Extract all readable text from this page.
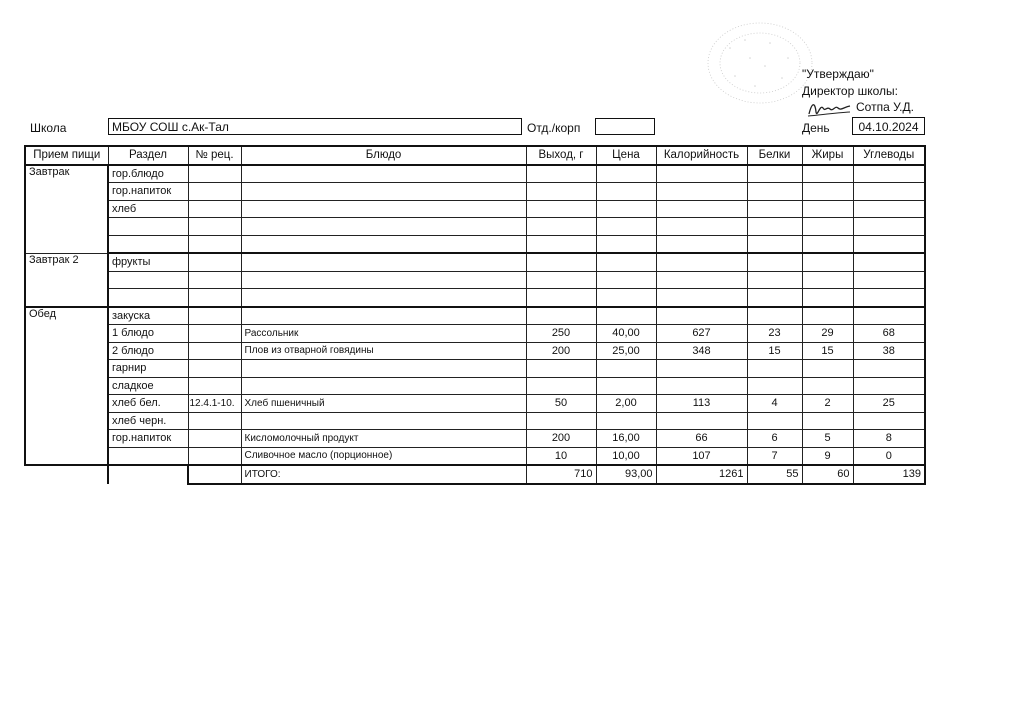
"Утверждаю"
Директор школы:
Сотпа У.Д.
Школа	МБОУ СОШ с.Ак-Тал	Отд./корп	День	04.10.2024
Прием пищи	Раздел	№ рец.	Блюдо	Выход, г	Цена	Калорийность	Белки	Жиры	Углеводы
Завтрак	гор.блюдо								
	гор.напиток								
	хлеб								

Завтрак 2	фрукты								

Обед	закуска								
	1 блюдо		Рассольник	250	40,00	627	23	29	68
	2 блюдо		Плов из отварной говядины	200	25,00	348	15	15	38
	гарнир								
	сладкое								
	хлеб бел.	12.4.1-10.	Хлеб пшеничный	50	2,00	113	4	2	25
	хлеб черн.								
	гор.напиток		Кисломолочный продукт	200	16,00	66	6	5	8
			Сливочное масло (порционное)	10	10,00	107	7	9	0
			ИТОГО:	710	93,00	1261	55	60	139
